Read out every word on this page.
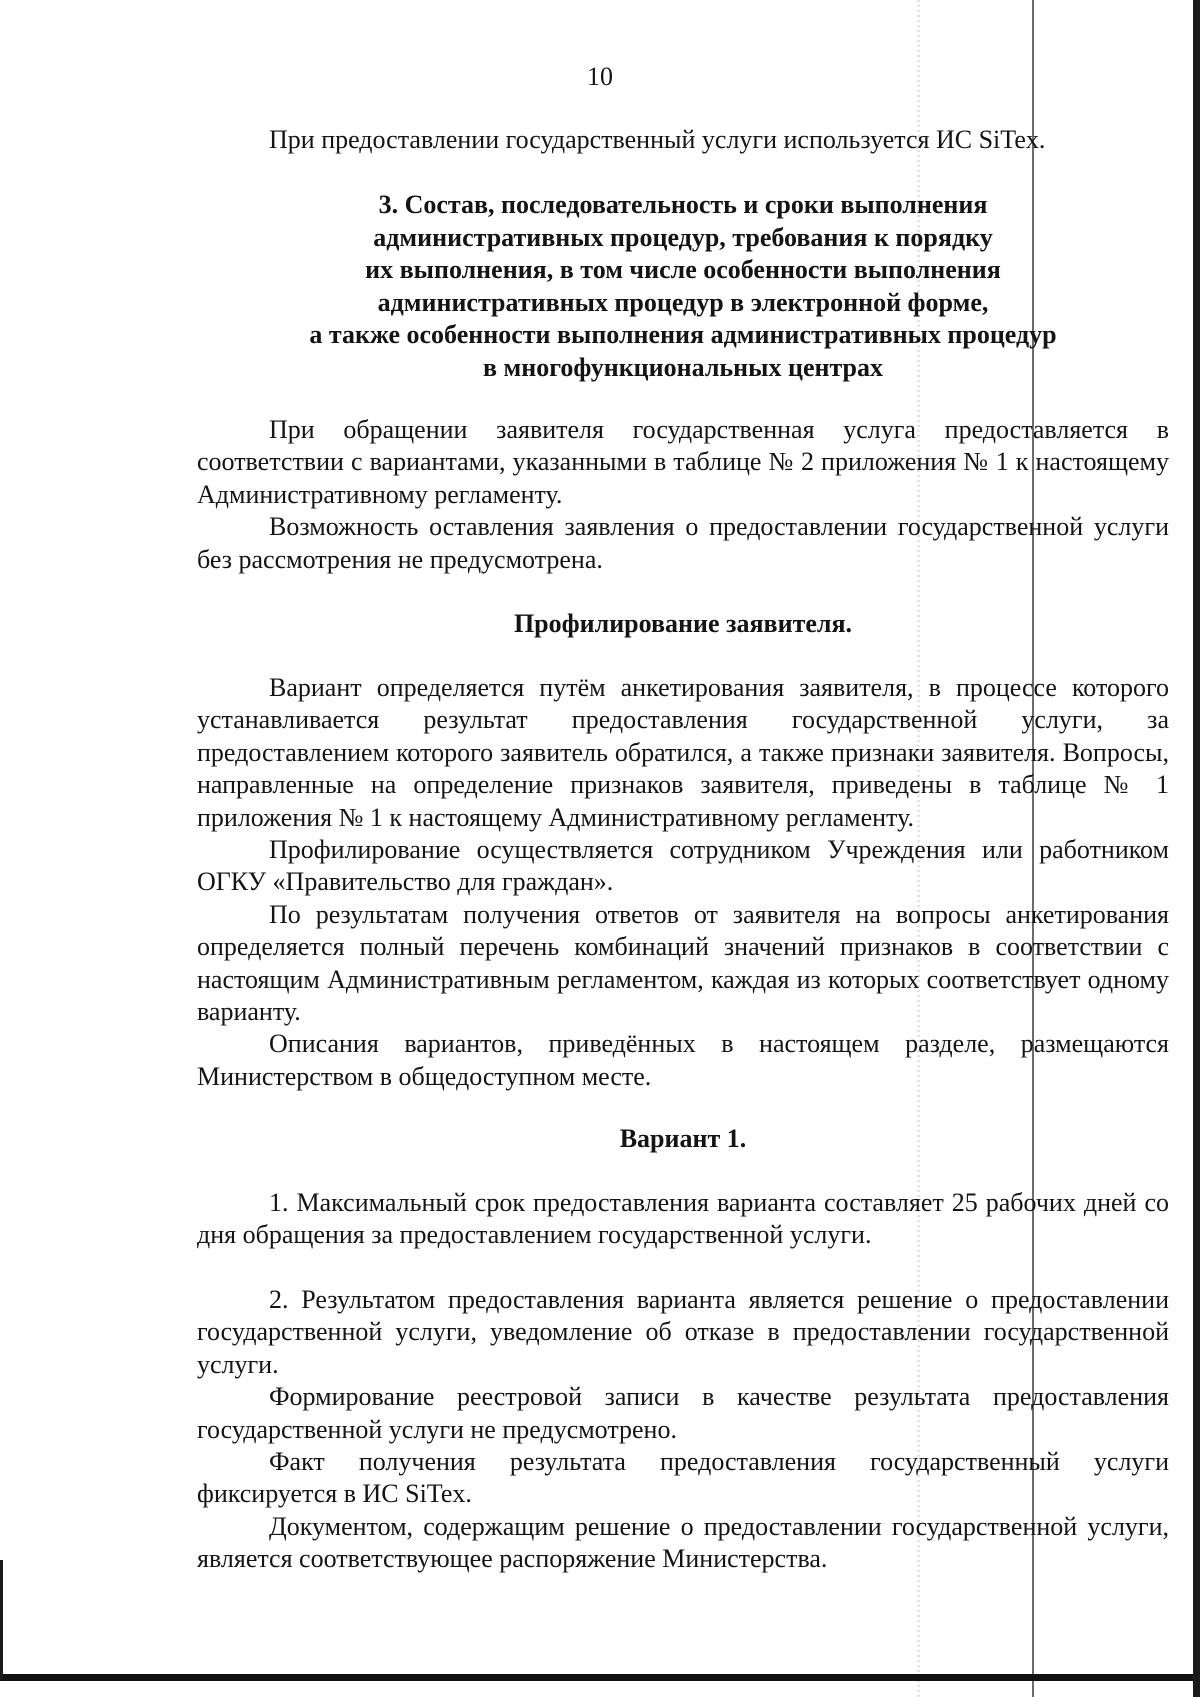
10

При предоставлении государственный услуги используется ИС SiTex.

3. Состав, последовательность и сроки выполнения

административных процедур, требования к порядку

их выполнения, в том числе особенности выполнения

административных процедур в электронной форме,

а также особенности выполнения административных процедур

в многофункциональных центрах

При обращении заявителя государственная услуга предоставляется в соответствии с вариантами, указанными в таблице № 2 приложения № 1 к настоящему Административному регламенту.

Возможность оставления заявления о предоставлении государственной услуги без рассмотрения не предусмотрена.

Профилирование заявителя.

Вариант определяется путём анкетирования заявителя, в процессе которого устанавливается результат предоставления государственной услуги, за предоставлением которого заявитель обратился, а также признаки заявителя. Вопросы, направленные на определение признаков заявителя, приведены в таблице № 1 приложения № 1 к настоящему Административному регламенту.

Профилирование осуществляется сотрудником Учреждения или работником ОГКУ «Правительство для граждан».

По результатам получения ответов от заявителя на вопросы анкетирования определяется полный перечень комбинаций значений признаков в соответствии с настоящим Административным регламентом, каждая из которых соответствует одному варианту.

Описания вариантов, приведённых в настоящем разделе, размещаются Министерством в общедоступном месте.

Вариант 1.

1. Максимальный срок предоставления варианта составляет 25 рабочих дней со дня обращения за предоставлением государственной услуги.

2. Результатом предоставления варианта является решение о предоставлении государственной услуги, уведомление об отказе в предоставлении государственной услуги.

Формирование реестровой записи в качестве результата предоставления государственной услуги не предусмотрено.

Факт получения результата предоставления государственный услуги фиксируется в ИС SiTex.

Документом, содержащим решение о предоставлении государственной услуги, является соответствующее распоряжение Министерства.
